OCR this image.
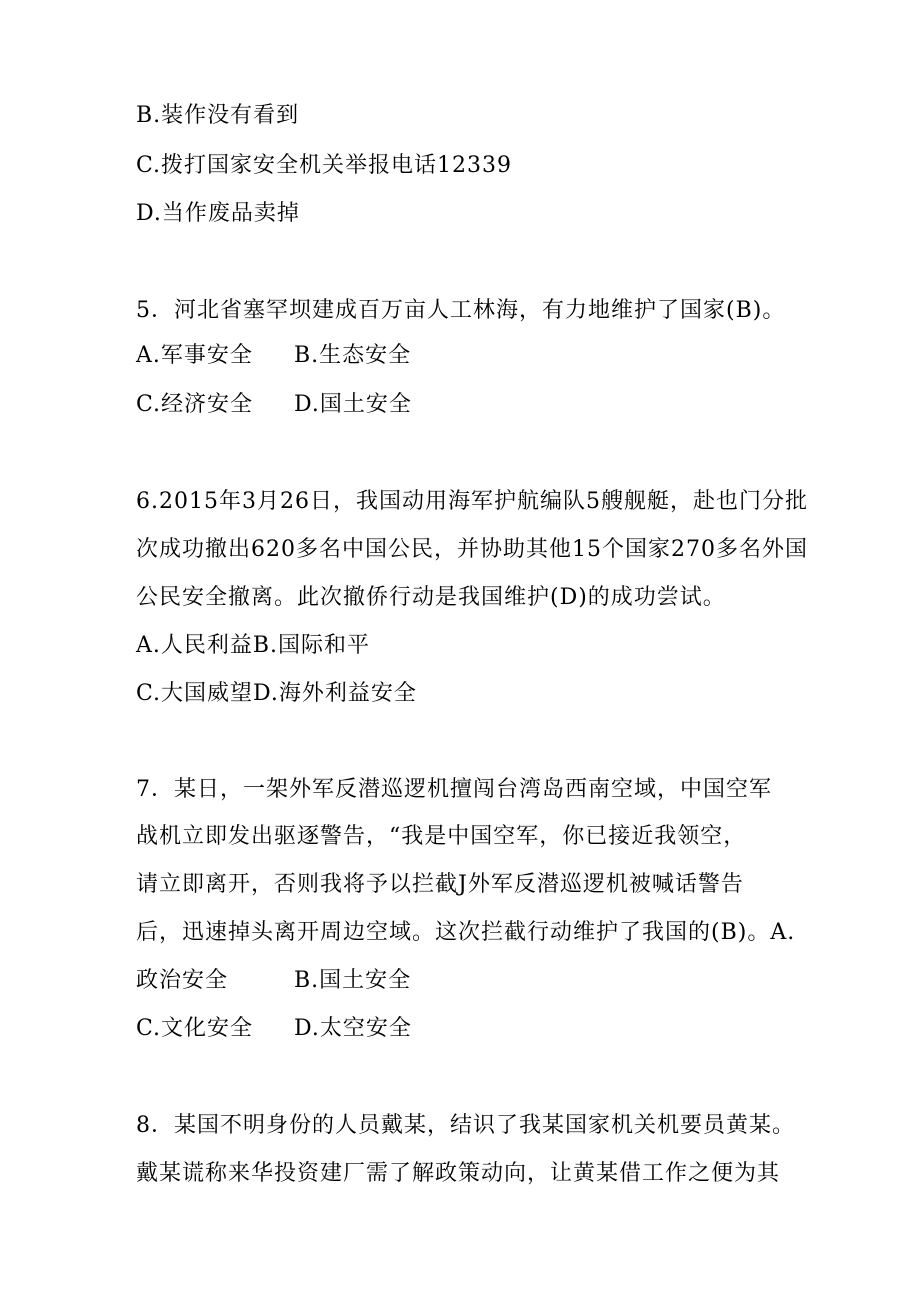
B.装作没有看到
C.拨打国家安全机关举报电话12339
D.当作废品卖掉
5．河北省塞罕坝建成百万亩人工林海，有力地维护了国家(B)。
A.军事安全 B.生态安全
C.经济安全 D.国土安全
6.2015年3月26日，我国动用海军护航编队5艘舰艇，赴也门分批
次成功撤出620多名中国公民，并协助其他15个国家270多名外国
公民安全撤离。此次撤侨行动是我国维护(D)的成功尝试。
A.人民利益B.国际和平
C.大国威望D.海外利益安全
7．某日，一架外军反潜巡逻机擅闯台湾岛西南空域，中国空军
战机立即发出驱逐警告，“我是中国空军，你已接近我领空，
请立即离开，否则我将予以拦截J外军反潜巡逻机被喊话警告
后，迅速掉头离开周边空域。这次拦截行动维护了我国的(B)。A.
政治安全	B.国土安全
C.文化安全 D.太空安全
8．某国不明身份的人员戴某，结识了我某国家机关机要员黄某。
戴某谎称来华投资建厂需了解政策动向，让黄某借工作之便为其
